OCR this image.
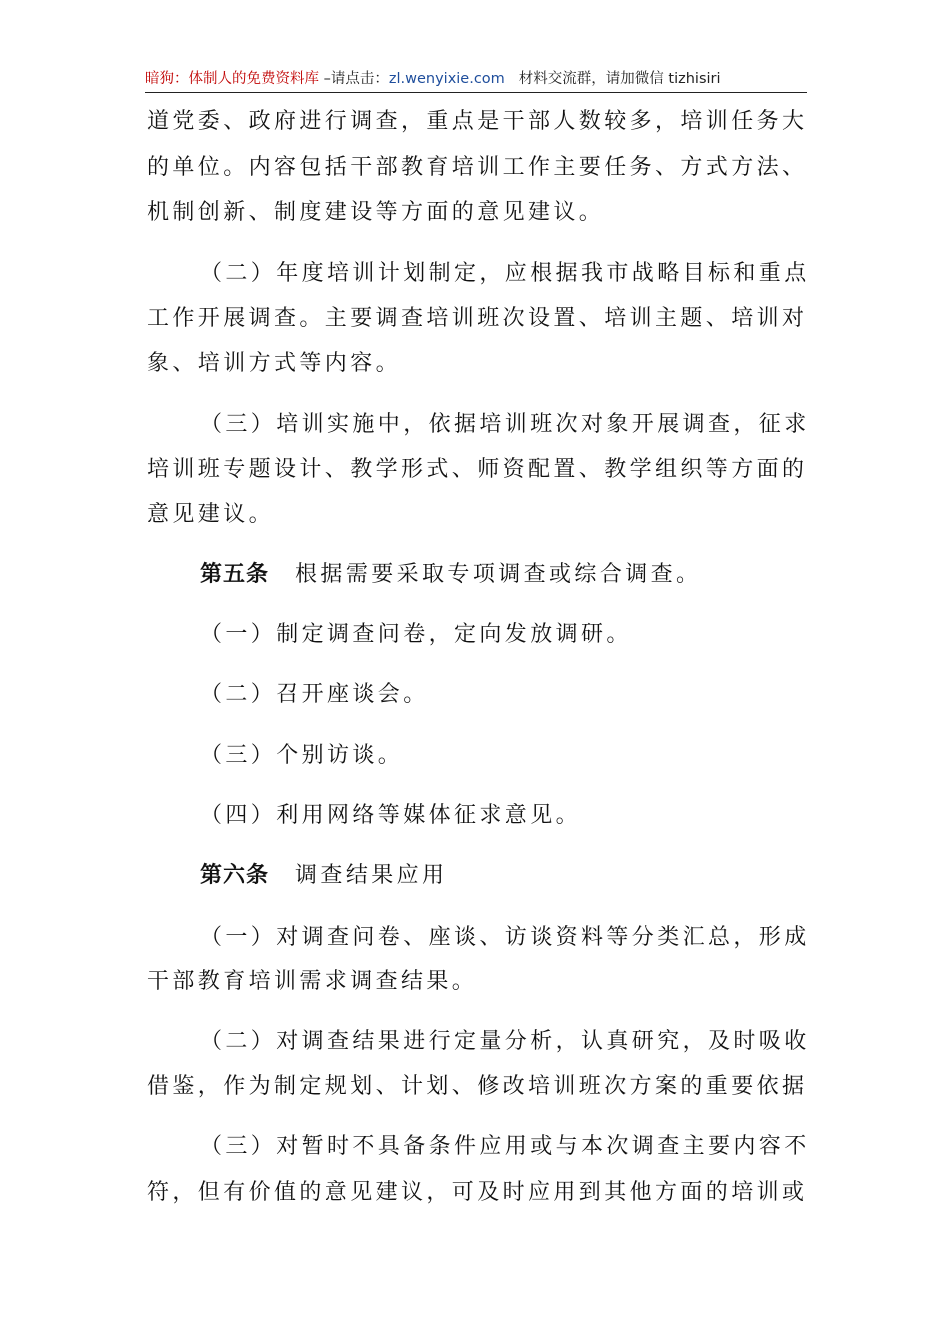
暗狗：体制人的免费资料库 –请点击：zl.wenyixie.com 材料交流群，请加微信 tizhisiri
道党委、政府进行调查，重点是干部人数较多，培训任务大
的单位。内容包括干部教育培训工作主要任务、方式方法、
机制创新、制度建设等方面的意见建议。
（二）年度培训计划制定，应根据我市战略目标和重点
工作开展调查。主要调查培训班次设置、培训主题、培训对
象、培训方式等内容。
（三）培训实施中，依据培训班次对象开展调查，征求
培训班专题设计、教学形式、师资配置、教学组织等方面的
意见建议。
第五条 根据需要采取专项调查或综合调查。
（一）制定调查问卷，定向发放调研。
（二）召开座谈会。
（三）个别访谈。
（四）利用网络等媒体征求意见。
第六条 调查结果应用
（一）对调查问卷、座谈、访谈资料等分类汇总，形成
干部教育培训需求调查结果。
（二）对调查结果进行定量分析，认真研究，及时吸收
借鉴，作为制定规划、计划、修改培训班次方案的重要依据
（三）对暂时不具备条件应用或与本次调查主要内容不
符，但有价值的意见建议，可及时应用到其他方面的培训或
